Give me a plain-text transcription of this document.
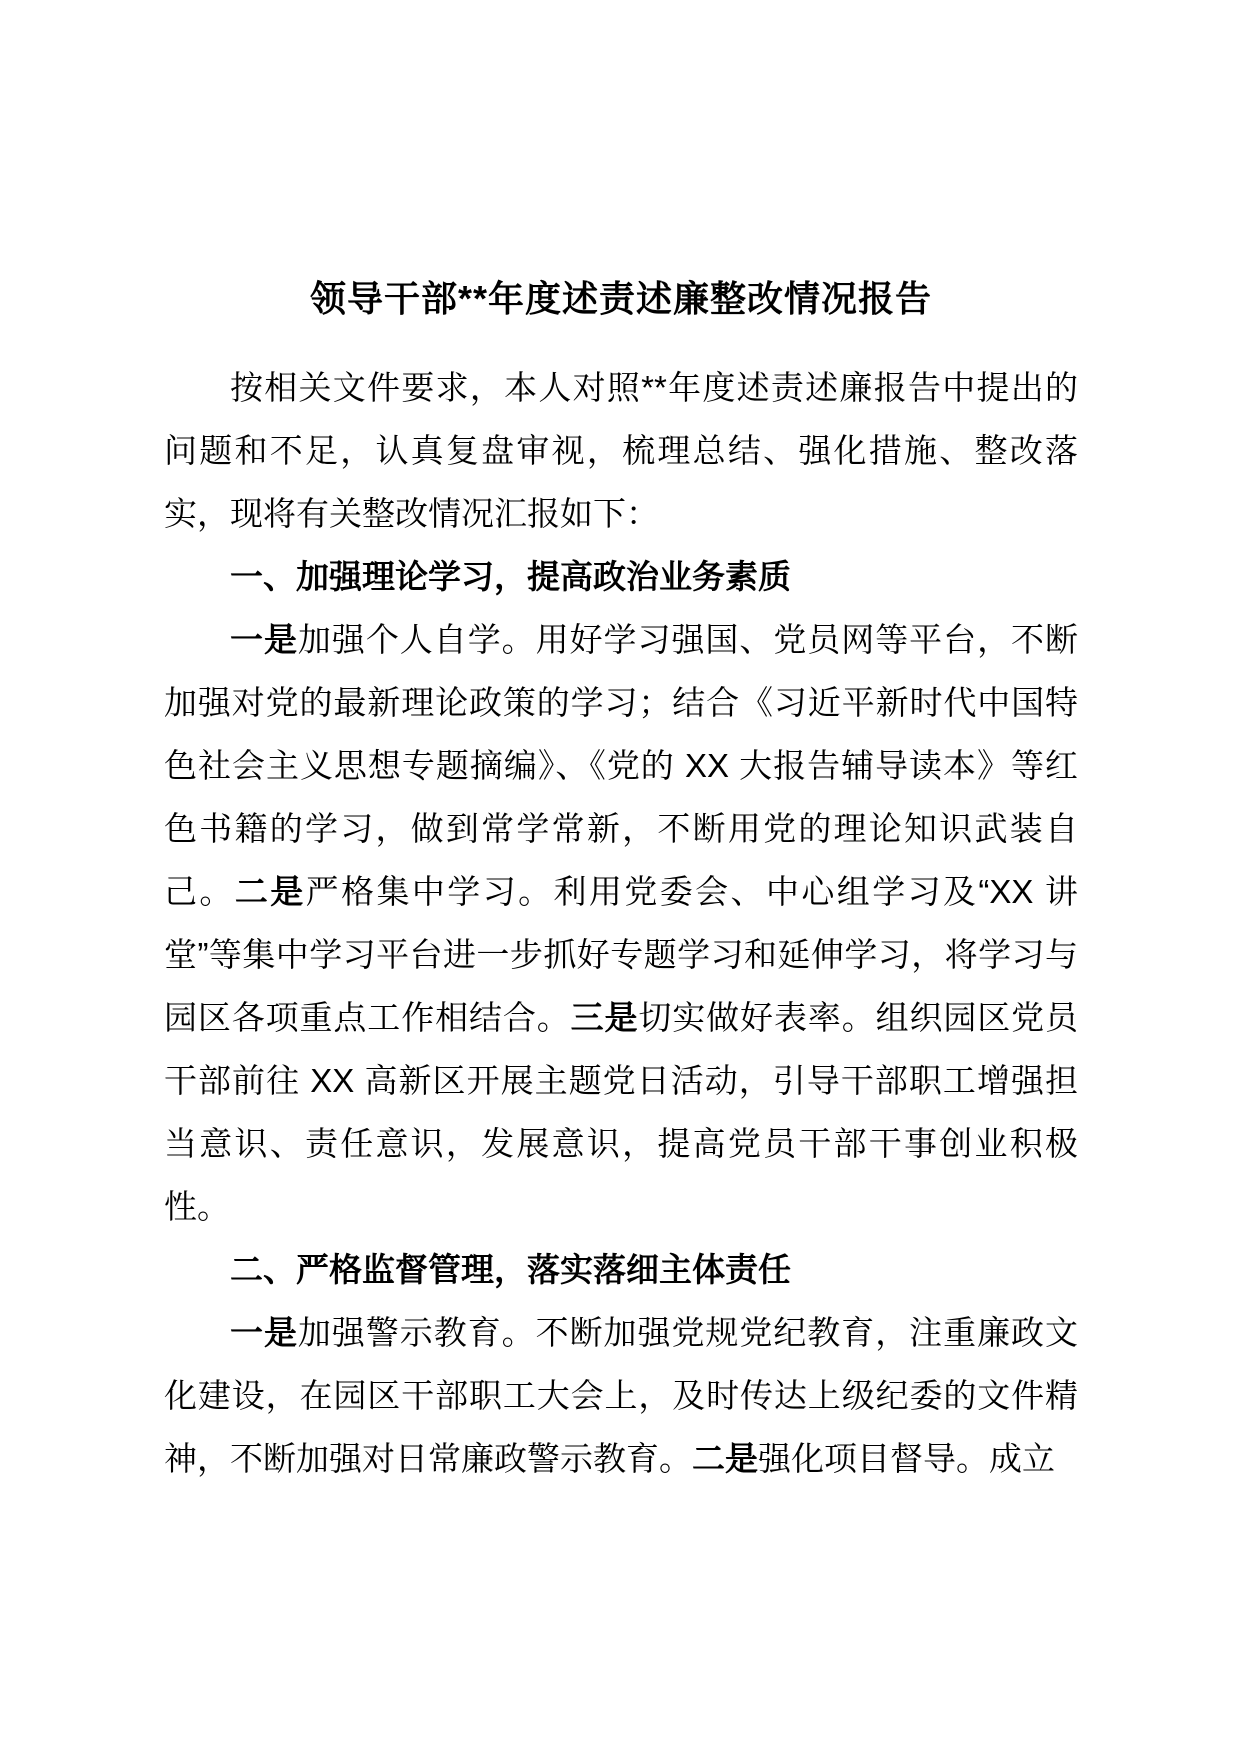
领导干部**年度述责述廉整改情况报告

按相关文件要求，本人对照**年度述责述廉报告中提出的问题和不足，认真复盘审视，梳理总结、强化措施、整改落实，现将有关整改情况汇报如下：

一、加强理论学习，提高政治业务素质

一是加强个人自学。用好学习强国、党员网等平台，不断加强对党的最新理论政策的学习；结合《习近平新时代中国特色社会主义思想专题摘编》、《党的 XX 大报告辅导读本》等红色书籍的学习，做到常学常新，不断用党的理论知识武装自己。二是严格集中学习。利用党委会、中心组学习及“XX 讲堂”等集中学习平台进一步抓好专题学习和延伸学习，将学习与园区各项重点工作相结合。三是切实做好表率。组织园区党员干部前往 XX 高新区开展主题党日活动，引导干部职工增强担当意识、责任意识，发展意识，提高党员干部干事创业积极性。

二、严格监督管理，落实落细主体责任

一是加强警示教育。不断加强党规党纪教育，注重廉政文化建设，在园区干部职工大会上，及时传达上级纪委的文件精神，不断加强对日常廉政警示教育。二是强化项目督导。成立
